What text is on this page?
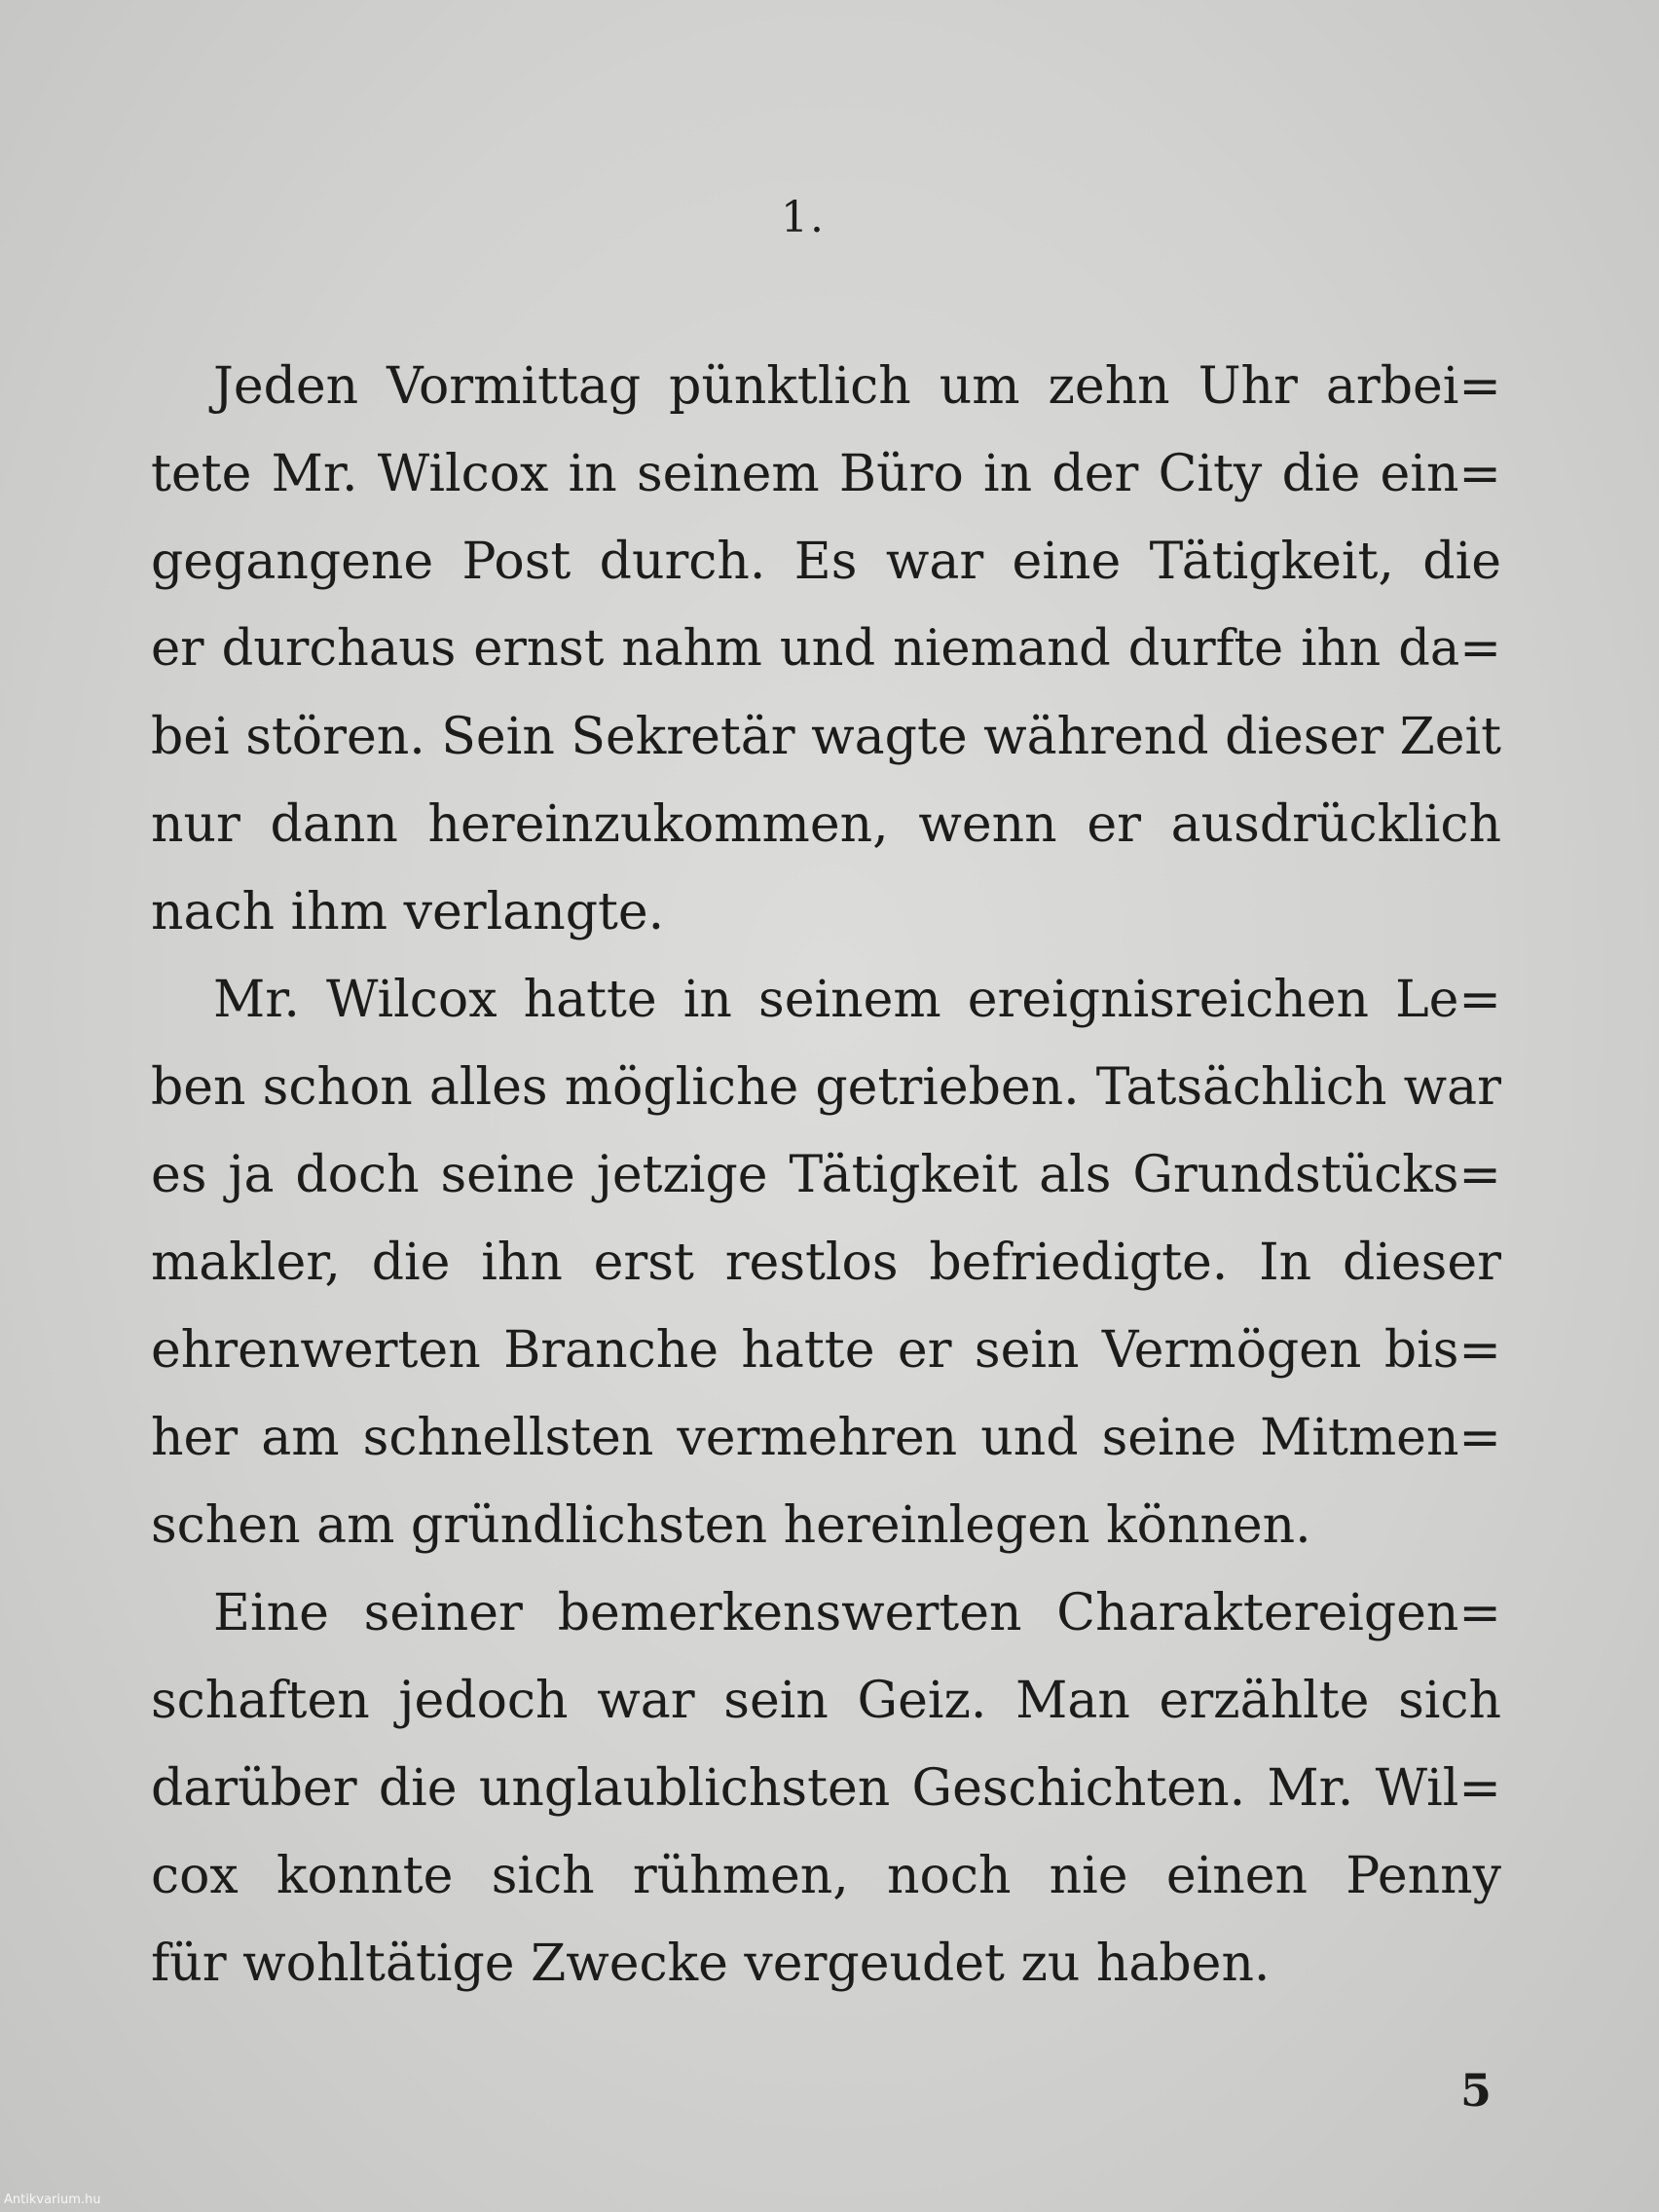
1.
Jeden Vormittag pünktlich um zehn Uhr arbei=
tete Mr. Wilcox in seinem Büro in der City die ein=
gegangene Post durch. Es war eine Tätigkeit, die
er durchaus ernst nahm und niemand durfte ihn da=
bei stören. Sein Sekretär wagte während dieser Zeit
nur dann hereinzukommen, wenn er ausdrücklich
nach ihm verlangte.
Mr. Wilcox hatte in seinem ereignisreichen Le=
ben schon alles mögliche getrieben. Tatsächlich war
es ja doch seine jetzige Tätigkeit als Grundstücks=
makler, die ihn erst restlos befriedigte. In dieser
ehrenwerten Branche hatte er sein Vermögen bis=
her am schnellsten vermehren und seine Mitmen=
schen am gründlichsten hereinlegen können.
Eine seiner bemerkenswerten Charaktereigen=
schaften jedoch war sein Geiz. Man erzählte sich
darüber die unglaublichsten Geschichten. Mr. Wil=
cox konnte sich rühmen, noch nie einen Penny
für wohltätige Zwecke vergeudet zu haben.
5
Antikvarium.hu
